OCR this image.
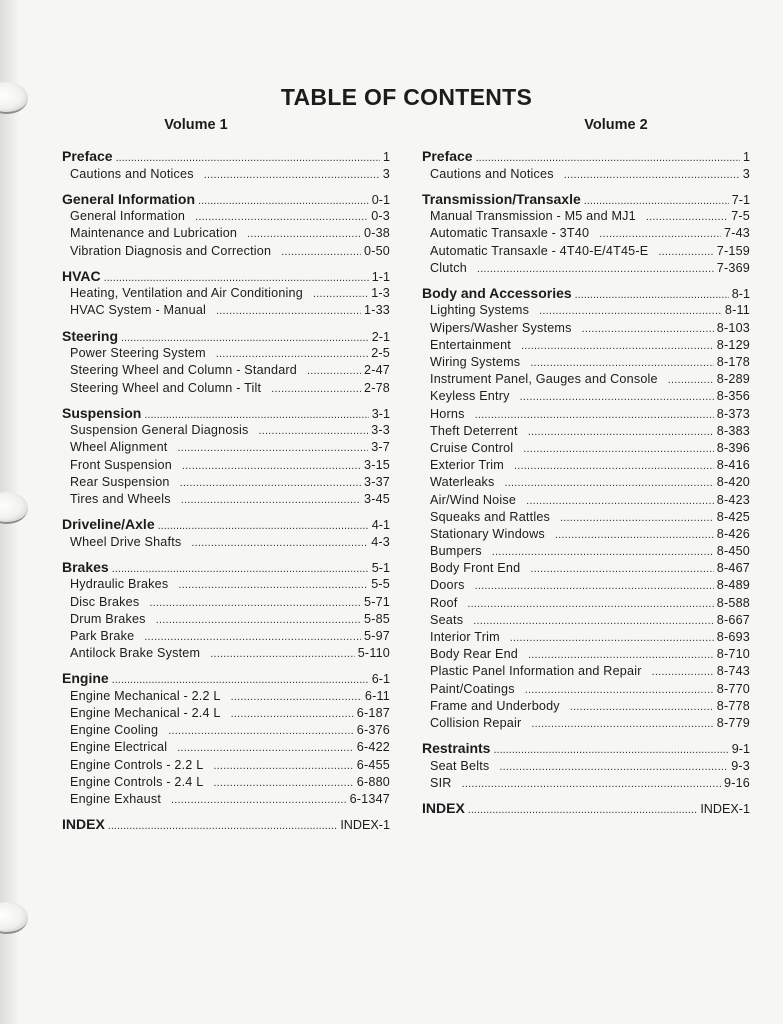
TABLE OF CONTENTS
Volume 1
Preface .....	1
Cautions and Notices .....	3
General Information .....	0-1
General Information .....	0-3
Maintenance and Lubrication .....	0-38
Vibration Diagnosis and Correction .....	0-50
HVAC .....	1-1
Heating, Ventilation and Air Conditioning .....	1-3
HVAC System - Manual .....	1-33
Steering .....	2-1
Power Steering System .....	2-5
Steering Wheel and Column - Standard .....	2-47
Steering Wheel and Column - Tilt .....	2-78
Suspension .....	3-1
Suspension General Diagnosis .....	3-3
Wheel Alignment .....	3-7
Front Suspension .....	3-15
Rear Suspension .....	3-37
Tires and Wheels .....	3-45
Driveline/Axle .....	4-1
Wheel Drive Shafts .....	4-3
Brakes .....	5-1
Hydraulic Brakes .....	5-5
Disc Brakes .....	5-71
Drum Brakes .....	5-85
Park Brake .....	5-97
Antilock Brake System .....	5-110
Engine .....	6-1
Engine Mechanical - 2.2 L .....	6-11
Engine Mechanical - 2.4 L .....	6-187
Engine Cooling .....	6-376
Engine Electrical .....	6-422
Engine Controls - 2.2 L .....	6-455
Engine Controls - 2.4 L .....	6-880
Engine Exhaust .....	6-1347
INDEX .....	INDEX-1
Volume 2
Preface .....	1
Cautions and Notices .....	3
Transmission/Transaxle .....	7-1
Manual Transmission - M5 and MJ1 .....	7-5
Automatic Transaxle - 3T40 .....	7-43
Automatic Transaxle - 4T40-E/4T45-E .....	7-159
Clutch .....	7-369
Body and Accessories .....	8-1
Lighting Systems .....	8-11
Wipers/Washer Systems .....	8-103
Entertainment .....	8-129
Wiring Systems .....	8-178
Instrument Panel, Gauges and Console .....	8-289
Keyless Entry .....	8-356
Horns .....	8-373
Theft Deterrent .....	8-383
Cruise Control .....	8-396
Exterior Trim .....	8-416
Waterleaks .....	8-420
Air/Wind Noise .....	8-423
Squeaks and Rattles .....	8-425
Stationary Windows .....	8-426
Bumpers .....	8-450
Body Front End .....	8-467
Doors .....	8-489
Roof .....	8-588
Seats .....	8-667
Interior Trim .....	8-693
Body Rear End .....	8-710
Plastic Panel Information and Repair .....	8-743
Paint/Coatings .....	8-770
Frame and Underbody .....	8-778
Collision Repair .....	8-779
Restraints .....	9-1
Seat Belts .....	9-3
SIR .....	9-16
INDEX .....	INDEX-1
